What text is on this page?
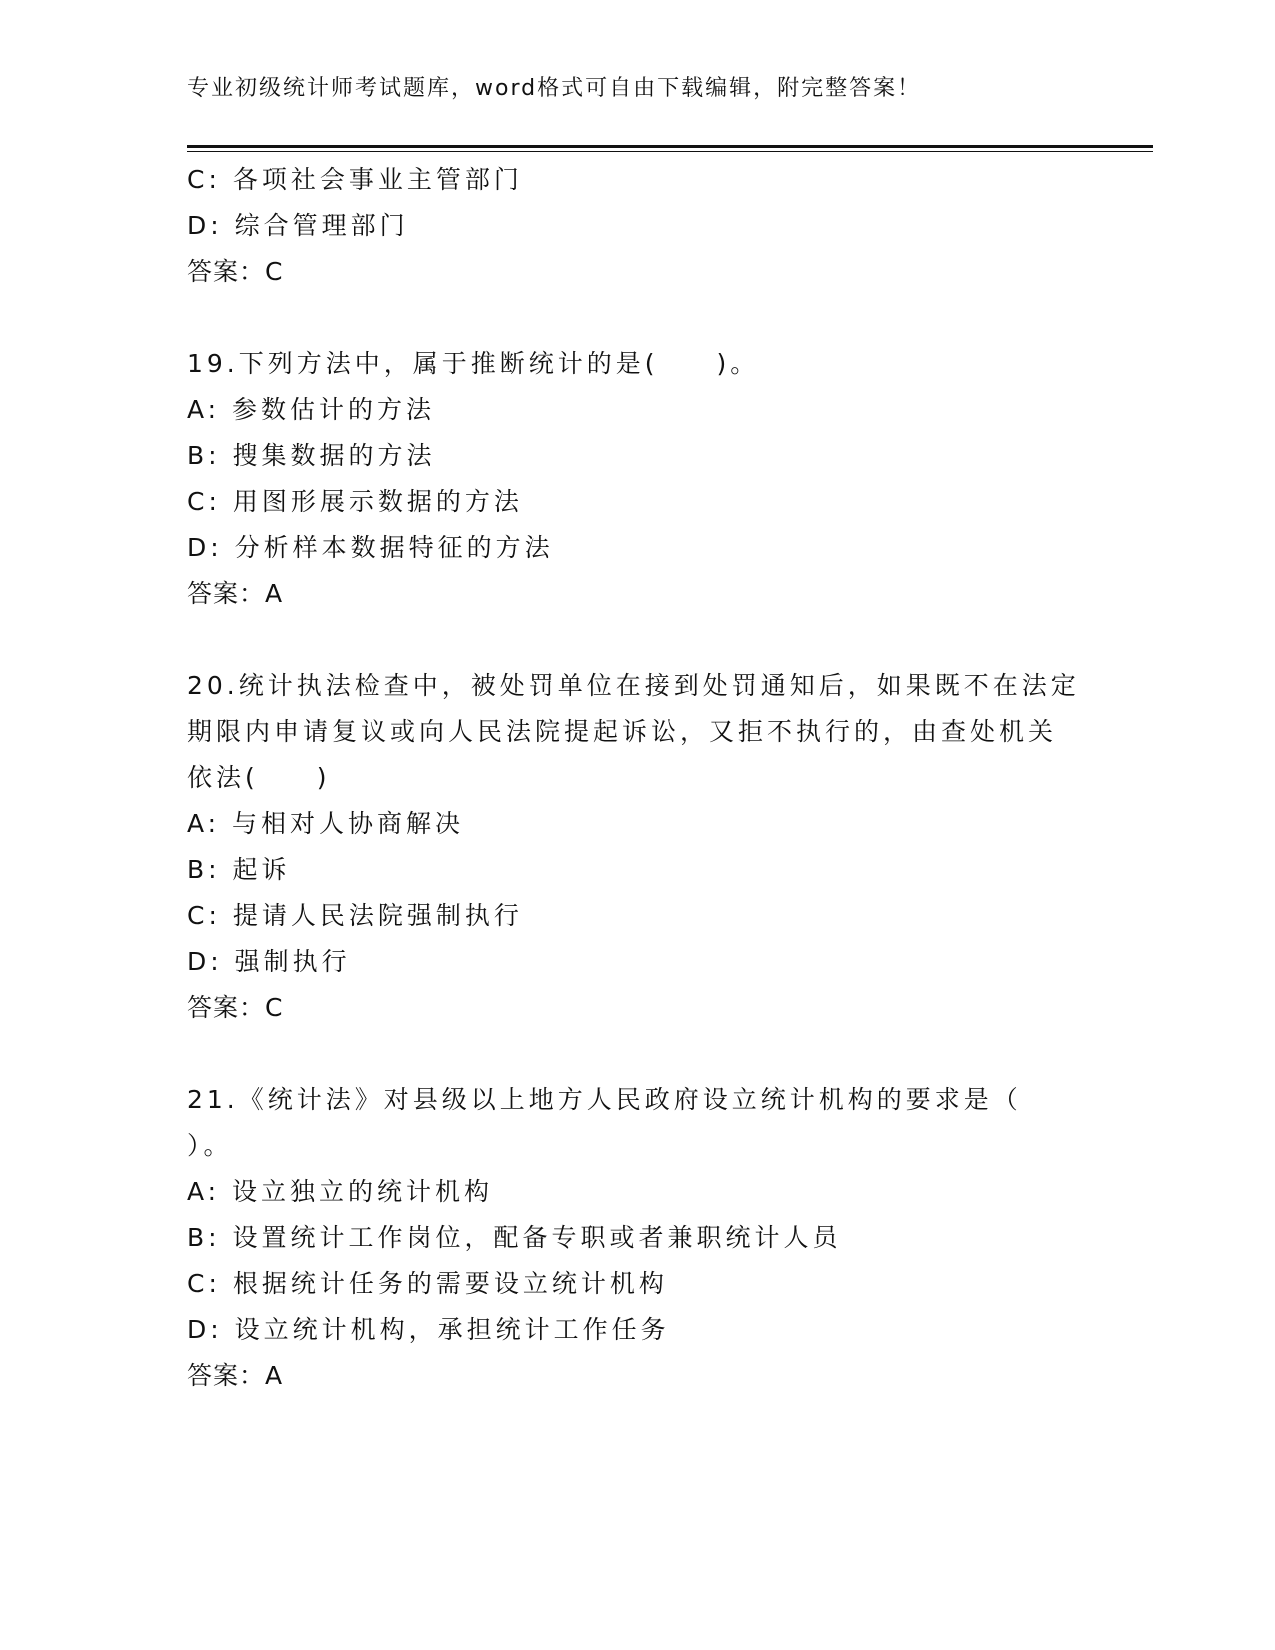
专业初级统计师考试题库，word格式可自由下载编辑，附完整答案！
C: 各项社会事业主管部门
D: 综合管理部门
答案：C
19.下列方法中，属于推断统计的是(　　)。
A: 参数估计的方法
B: 搜集数据的方法
C: 用图形展示数据的方法
D: 分析样本数据特征的方法
答案：A
20.统计执法检查中，被处罚单位在接到处罚通知后，如果既不在法定
期限内申请复议或向人民法院提起诉讼，又拒不执行的，由查处机关
依法(　　)
A: 与相对人协商解决
B: 起诉
C: 提请人民法院强制执行
D: 强制执行
答案：C
21.《统计法》对县级以上地方人民政府设立统计机构的要求是（
）。
A: 设立独立的统计机构
B: 设置统计工作岗位，配备专职或者兼职统计人员
C: 根据统计任务的需要设立统计机构
D: 设立统计机构，承担统计工作任务
答案：A
